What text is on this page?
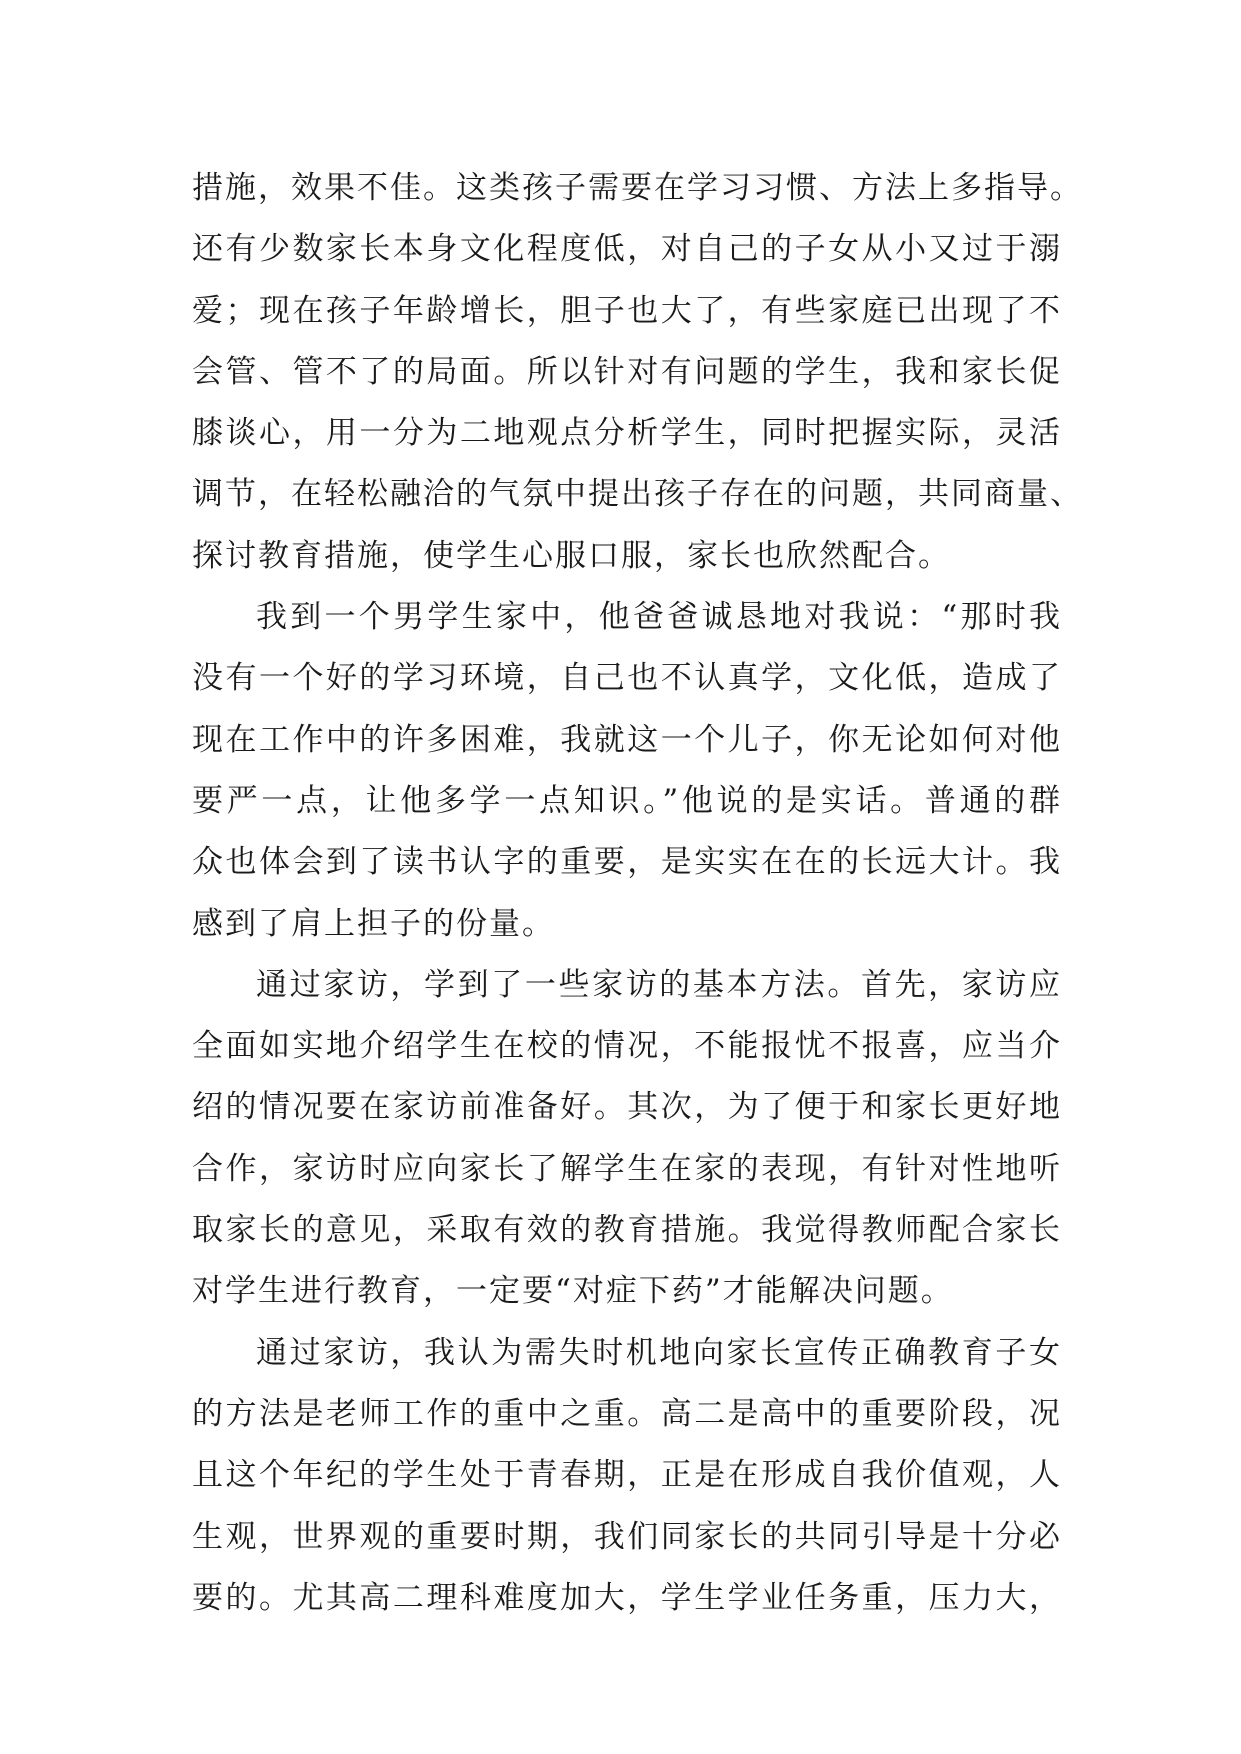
措施，效果不佳。这类孩子需要在学习习惯、方法上多指导。
还有少数家长本身文化程度低，对自己的子女从小又过于溺
爱；现在孩子年龄增长，胆子也大了，有些家庭已出现了不
会管、管不了的局面。所以针对有问题的学生，我和家长促
膝谈心，用一分为二地观点分析学生，同时把握实际，灵活
调节，在轻松融洽的气氛中提出孩子存在的问题，共同商量、
探讨教育措施，使学生心服口服，家长也欣然配合。
我到一个男学生家中，他爸爸诚恳地对我说：“那时我
没有一个好的学习环境，自己也不认真学，文化低，造成了
现在工作中的许多困难，我就这一个儿子，你无论如何对他
要严一点，让他多学一点知识。”他说的是实话。普通的群
众也体会到了读书认字的重要，是实实在在的长远大计。我
感到了肩上担子的份量。
通过家访，学到了一些家访的基本方法。首先，家访应
全面如实地介绍学生在校的情况，不能报忧不报喜，应当介
绍的情况要在家访前准备好。其次，为了便于和家长更好地
合作，家访时应向家长了解学生在家的表现，有针对性地听
取家长的意见，采取有效的教育措施。我觉得教师配合家长
对学生进行教育，一定要“对症下药”才能解决问题。
通过家访，我认为需失时机地向家长宣传正确教育子女
的方法是老师工作的重中之重。高二是高中的重要阶段，况
且这个年纪的学生处于青春期，正是在形成自我价值观，人
生观，世界观的重要时期，我们同家长的共同引导是十分必
要的。尤其高二理科难度加大，学生学业任务重，压力大，
